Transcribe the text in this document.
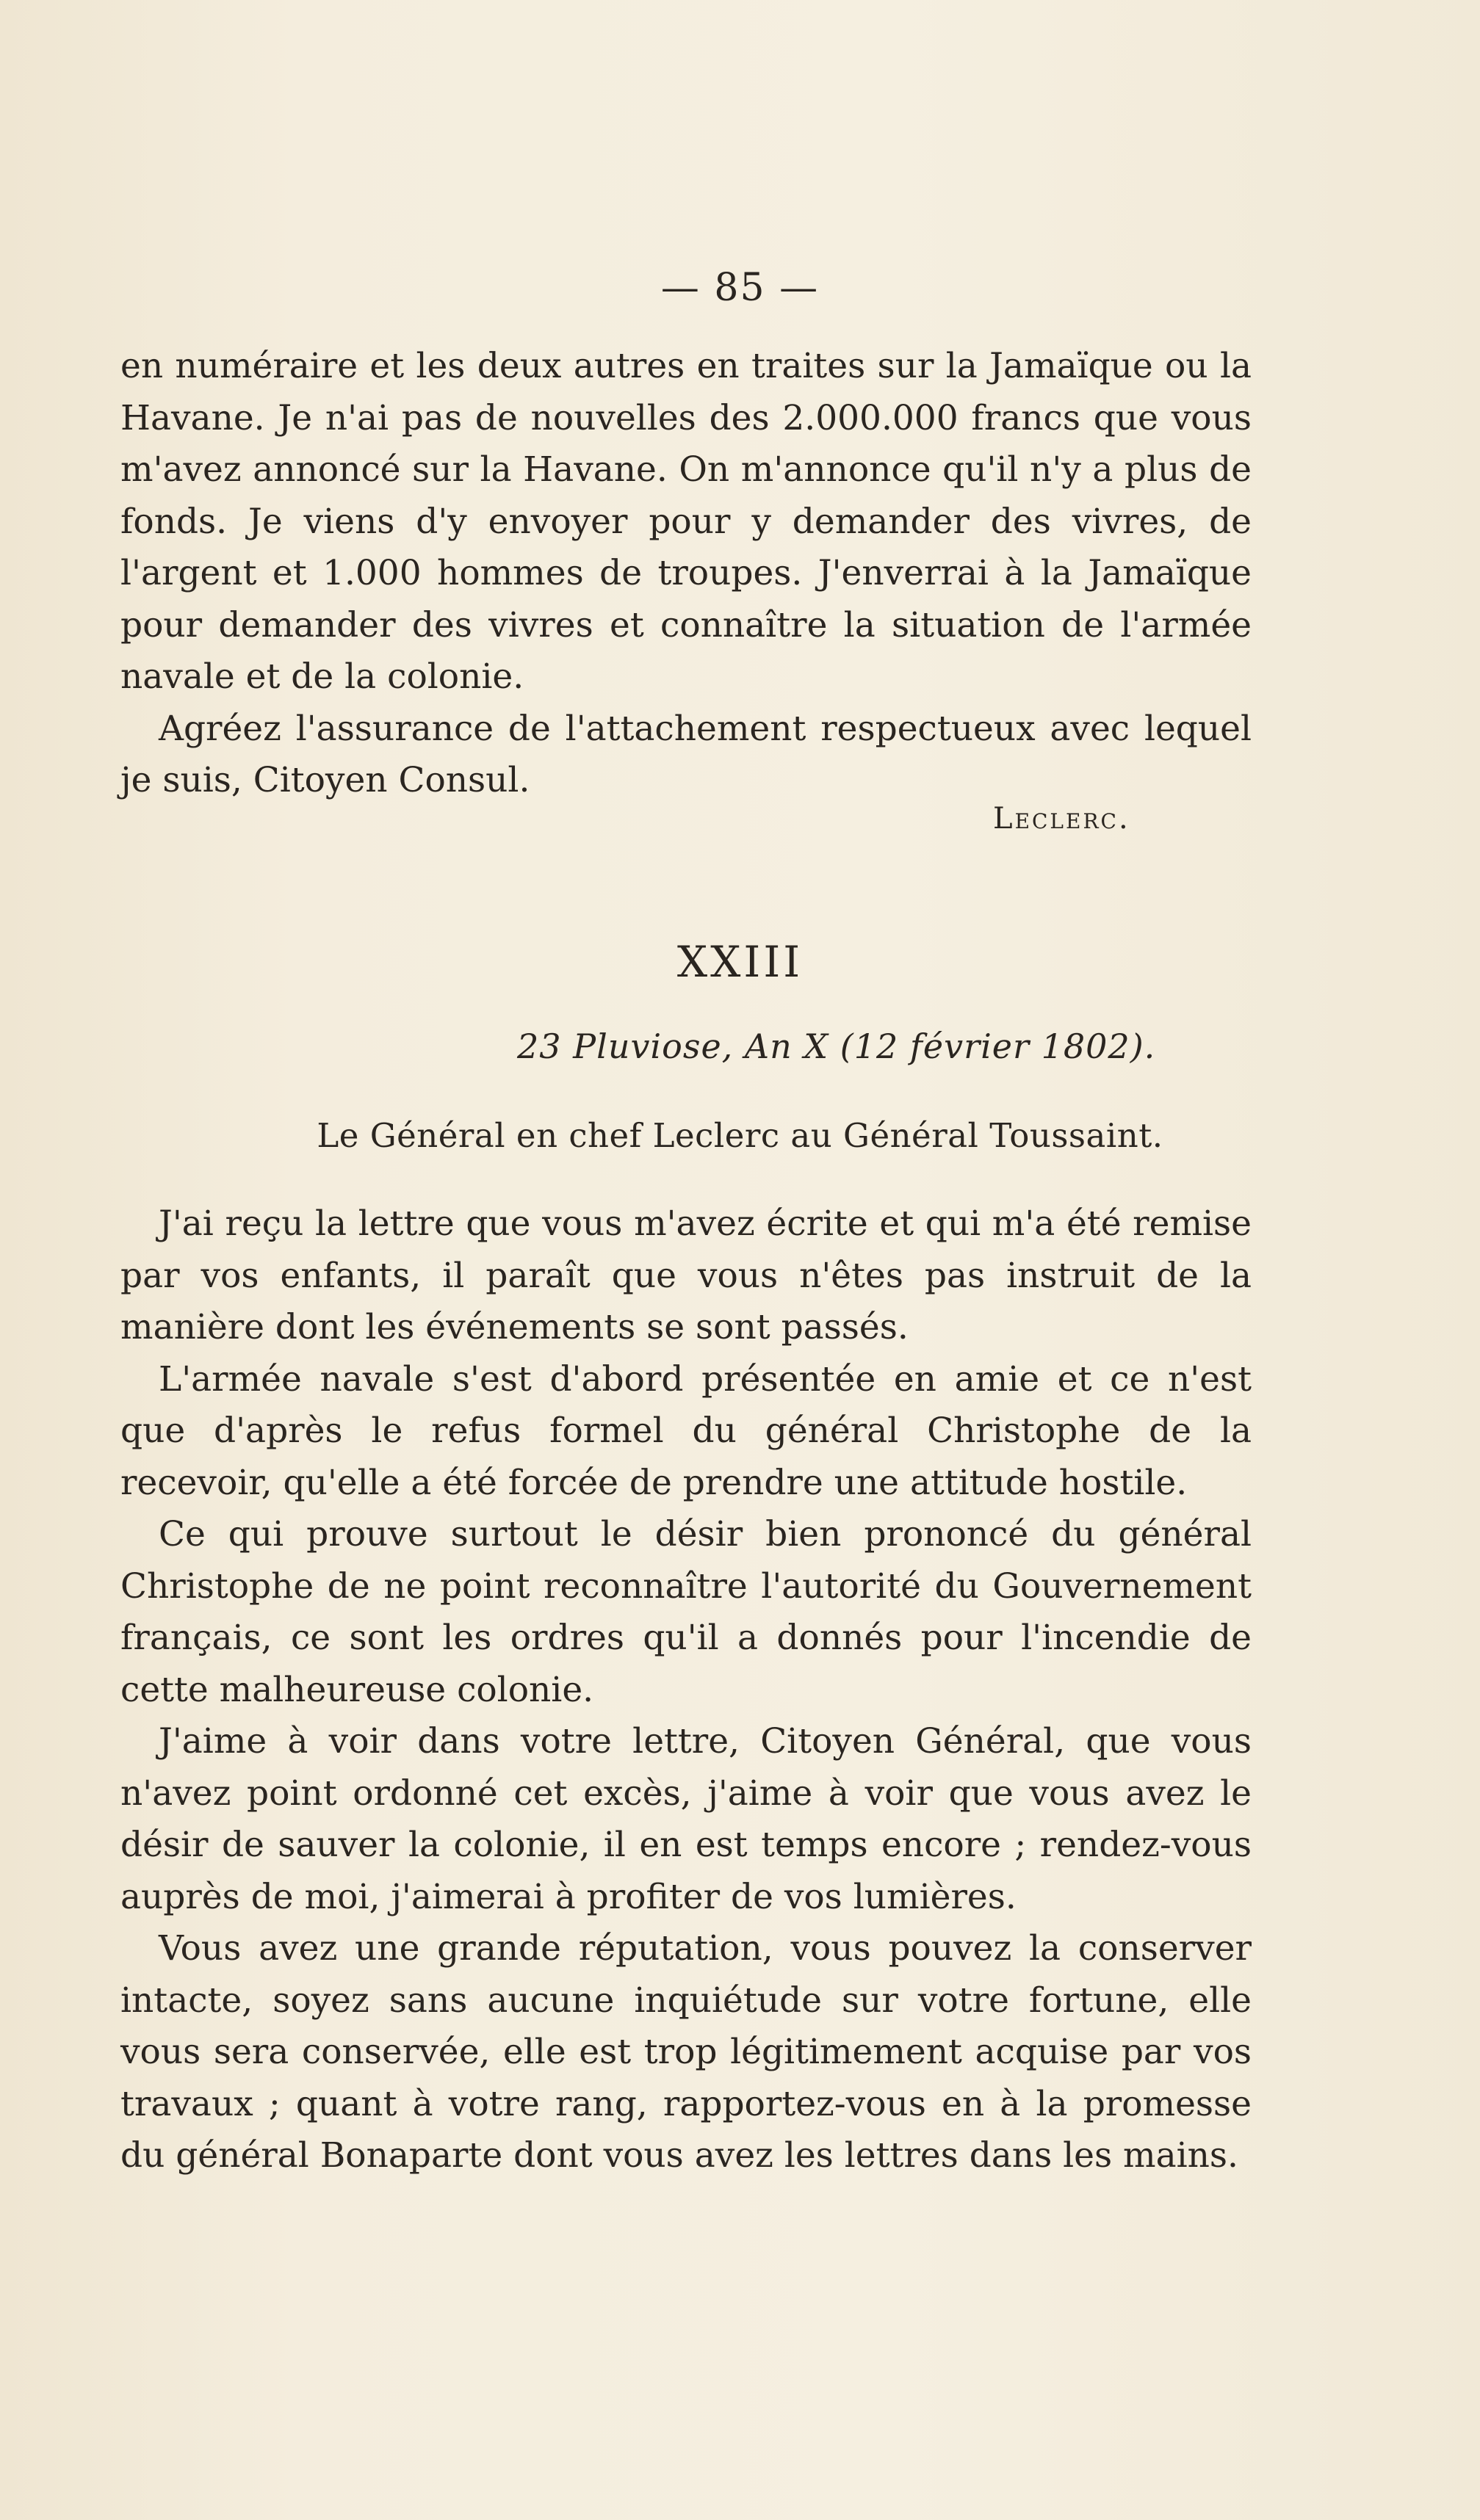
— 85 —

en numéraire et les deux autres en traites sur la Jamaïque ou la Havane. Je n'ai pas de nouvelles des 2.000.000 francs que vous m'avez annoncé sur la Havane. On m'annonce qu'il n'y a plus de fonds. Je viens d'y envoyer pour y demander des vivres, de l'argent et 1.000 hommes de troupes. J'enverrai à la Jamaïque pour demander des vivres et connaître la situation de l'armée navale et de la colonie.

Agréez l'assurance de l'attachement respectueux avec lequel je suis, Citoyen Consul.

Leclerc.
XXIII
23 Pluviose, An X (12 février 1802).
Le Général en chef Leclerc au Général Toussaint.

J'ai reçu la lettre que vous m'avez écrite et qui m'a été remise par vos enfants, il paraît que vous n'êtes pas instruit de la manière dont les événements se sont passés.

L'armée navale s'est d'abord présentée en amie et ce n'est que d'après le refus formel du général Christophe de la recevoir, qu'elle a été forcée de prendre une attitude hostile.

Ce qui prouve surtout le désir bien prononcé du général Christophe de ne point reconnaître l'autorité du Gouvernement français, ce sont les ordres qu'il a donnés pour l'incendie de cette malheureuse colonie.

J'aime à voir dans votre lettre, Citoyen Général, que vous n'avez point ordonné cet excès, j'aime à voir que vous avez le désir de sauver la colonie, il en est temps encore ; rendez-vous auprès de moi, j'aimerai à profiter de vos lumières.

Vous avez une grande réputation, vous pouvez la conserver intacte, soyez sans aucune inquiétude sur votre fortune, elle vous sera conservée, elle est trop légitimement acquise par vos travaux ; quant à votre rang, rapportez-vous en à la promesse du général Bonaparte dont vous avez les lettres dans les mains.
